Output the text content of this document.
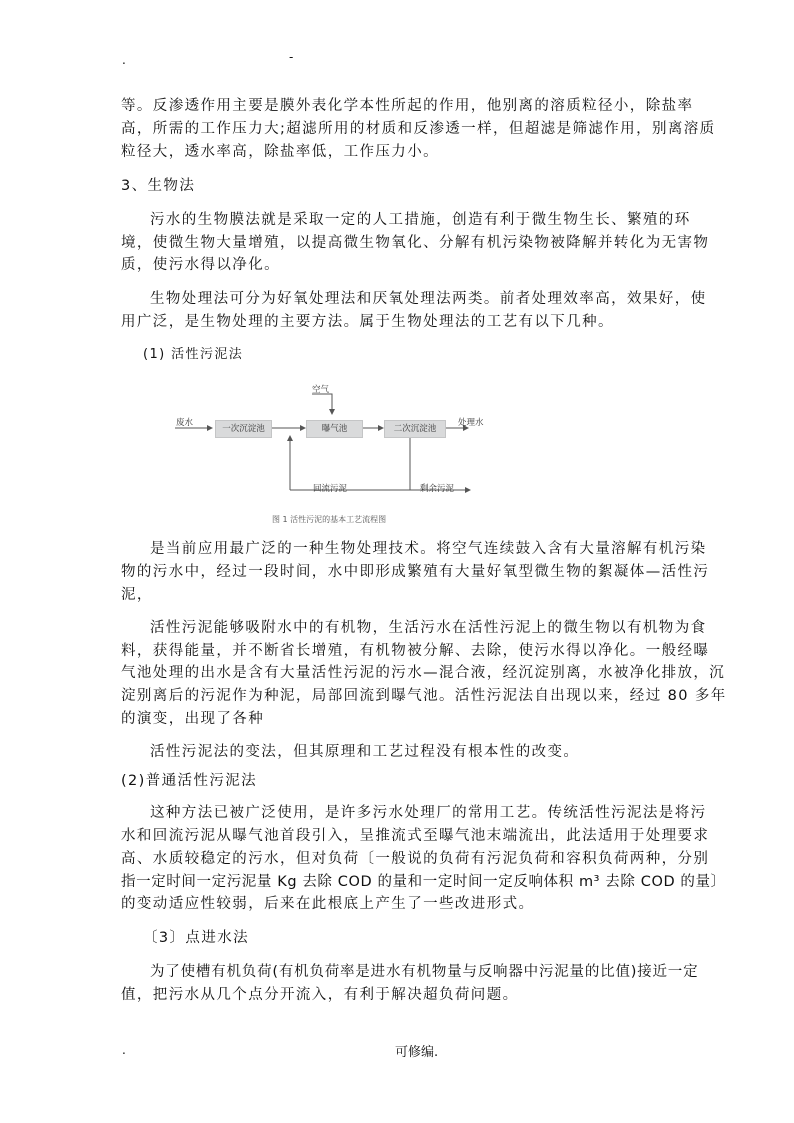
.	-
等。反渗透作用主要是膜外表化学本性所起的作用，他别离的溶质粒径小，除盐率
高，所需的工作压力大;超滤所用的材质和反渗透一样，但超滤是筛滤作用，别离溶质
粒径大，透水率高，除盐率低，工作压力小。
3、生物法
污水的生物膜法就是采取一定的人工措施，创造有利于微生物生长、繁殖的环
境，使微生物大量增殖，以提高微生物氧化、分解有机污染物被降解并转化为无害物
质，使污水得以净化。
生物处理法可分为好氧处理法和厌氧处理法两类。前者处理效率高，效果好，使
用广泛，是生物处理的主要方法。属于生物处理法的工艺有以下几种。
(1) 活性污泥法
一次沉淀池	曝气池	二次沉淀池
空气
废水	处理水
回流污泥	剩余污泥
图 1 活性污泥的基本工艺流程图
是当前应用最广泛的一种生物处理技术。将空气连续鼓入含有大量溶解有机污染
物的污水中，经过一段时间，水中即形成繁殖有大量好氧型微生物的絮凝体—活性污
泥，
活性污泥能够吸附水中的有机物，生活污水在活性污泥上的微生物以有机物为食
料，获得能量，并不断省长增殖，有机物被分解、去除，使污水得以净化。一般经曝
气池处理的出水是含有大量活性污泥的污水—混合液，经沉淀别离，水被净化排放，沉
淀别离后的污泥作为种泥，局部回流到曝气池。活性污泥法自出现以来，经过 80 多年
的演变，出现了各种
活性污泥法的变法，但其原理和工艺过程没有根本性的改变。
(2)普通活性污泥法
这种方法已被广泛使用，是许多污水处理厂的常用工艺。传统活性污泥法是将污
水和回流污泥从曝气池首段引入，呈推流式至曝气池末端流出，此法适用于处理要求
高、水质较稳定的污水，但对负荷〔一般说的负荷有污泥负荷和容积负荷两种，分别
指一定时间一定污泥量 Kg 去除 COD 的量和一定时间一定反响体积 m³ 去除 COD 的量〕
的变动适应性较弱，后来在此根底上产生了一些改进形式。
〔3〕点进水法
为了使槽有机负荷(有机负荷率是进水有机物量与反响器中污泥量的比值)接近一定
值，把污水从几个点分开流入，有利于解决超负荷问题。
.	可修编.
